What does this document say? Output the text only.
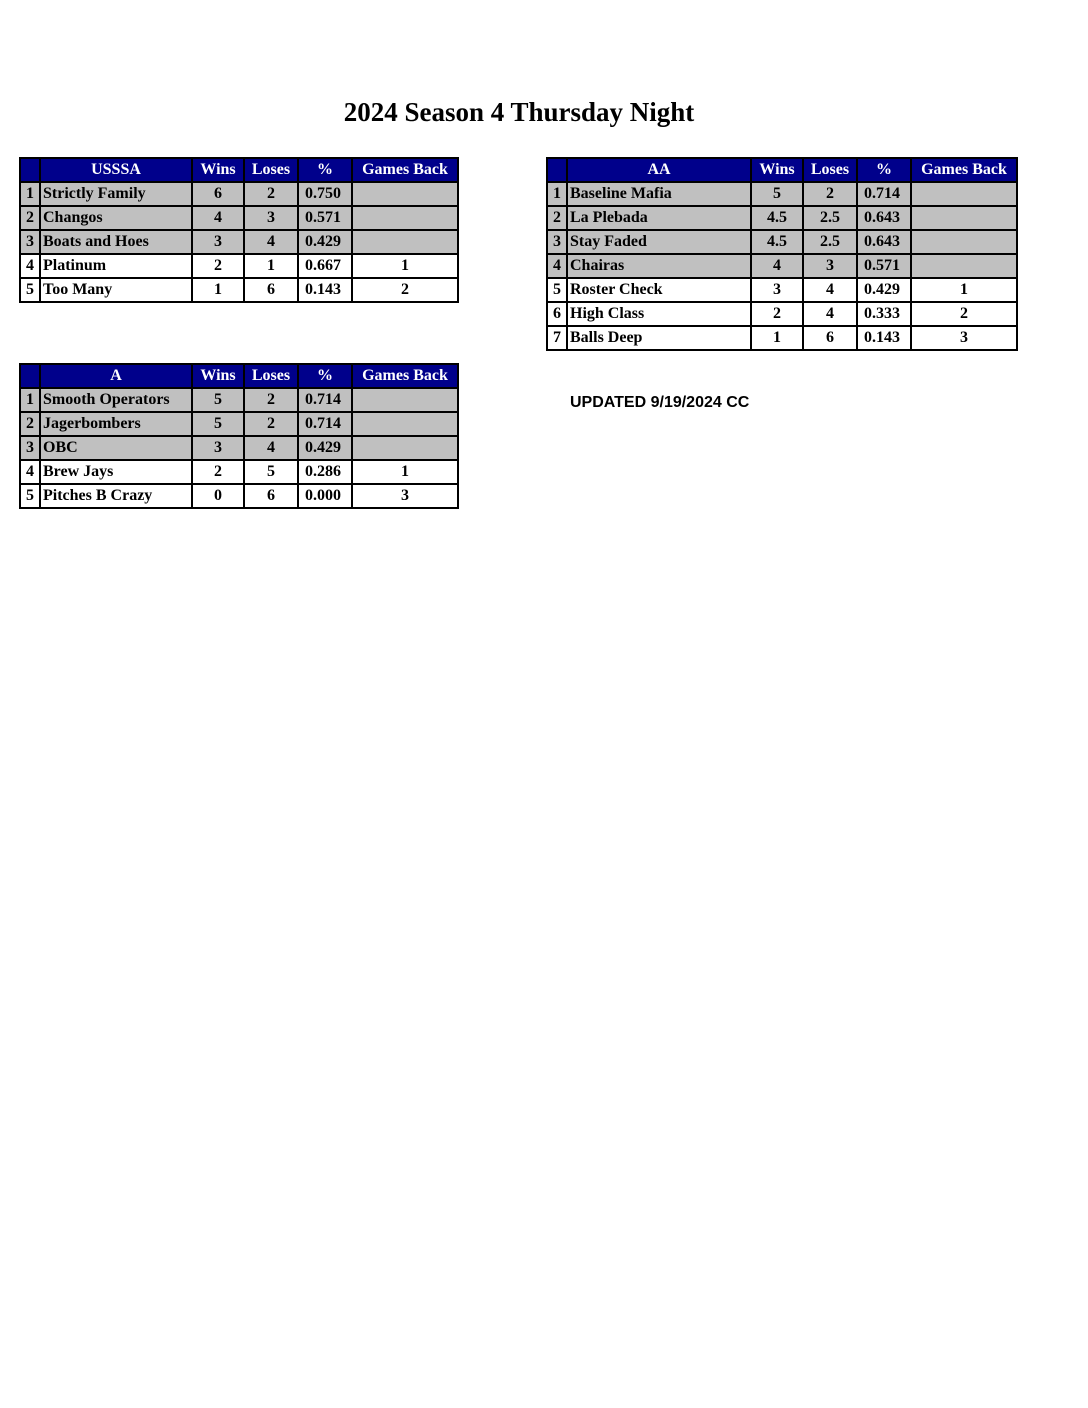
2024 Season 4 Thursday Night
	USSSA	Wins	Loses	%	Games Back
1	Strictly Family	6	2	0.750	
2	Changos	4	3	0.571	
3	Boats and Hoes	3	4	0.429	
4	Platinum	2	1	0.667	1
5	Too Many	1	6	0.143	2
	A	Wins	Loses	%	Games Back
1	Smooth Operators	5	2	0.714	
2	Jagerbombers	5	2	0.714	
3	OBC	3	4	0.429	
4	Brew Jays	2	5	0.286	1
5	Pitches B Crazy	0	6	0.000	3
	AA	Wins	Loses	%	Games Back
1	Baseline Mafia	5	2	0.714	
2	La Plebada	4.5	2.5	0.643	
3	Stay Faded	4.5	2.5	0.643	
4	Chairas	4	3	0.571	
5	Roster Check	3	4	0.429	1
6	High Class	2	4	0.333	2
7	Balls Deep	1	6	0.143	3
UPDATED 9/19/2024 CC
